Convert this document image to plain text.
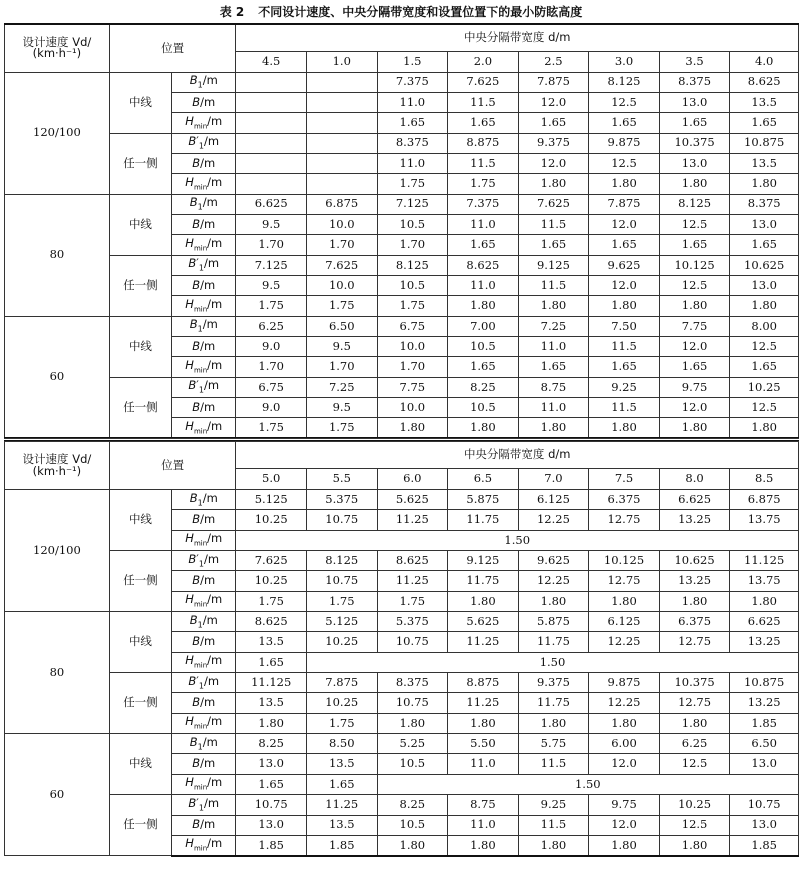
表 2 不同设计速度、中央分隔带宽度和设置位置下的最小防眩高度
设计速度 Vd/
(km·h⁻¹)	位置		中央分隔带宽度 d/m							
			4.5	1.0	1.5	2.0	2.5	3.0	3.5	4.0
120/100	中线	$B_1/m$			7.375	7.625	7.875	8.125	8.375	8.625
		B/m			11.0	11.5	12.0	12.5	13.0	13.5
		$H_{min}/m$			1.65	1.65	1.65	1.65	1.65	1.65
	任一侧	$B'_1/m$			8.375	8.875	9.375	9.875	10.375	10.875
		B/m			11.0	11.5	12.0	12.5	13.0	13.5
		$H_{min}/m$			1.75	1.75	1.80	1.80	1.80	1.80
80	中线	$B_1/m$	6.625	6.875	7.125	7.375	7.625	7.875	8.125	8.375
		B/m	9.5	10.0	10.5	11.0	11.5	12.0	12.5	13.0
		$H_{min}/m$	1.70	1.70	1.70	1.65	1.65	1.65	1.65	1.65
	任一侧	$B'_1/m$	7.125	7.625	8.125	8.625	9.125	9.625	10.125	10.625
		B/m	9.5	10.0	10.5	11.0	11.5	12.0	12.5	13.0
		$H_{min}/m$	1.75	1.75	1.75	1.80	1.80	1.80	1.80	1.80
60	中线	$B_1/m$	6.25	6.50	6.75	7.00	7.25	7.50	7.75	8.00
		B/m	9.0	9.5	10.0	10.5	11.0	11.5	12.0	12.5
		$H_{min}/m$	1.70	1.70	1.70	1.65	1.65	1.65	1.65	1.65
	任一侧	$B'_1/m$	6.75	7.25	7.75	8.25	8.75	9.25	9.75	10.25
		B/m	9.0	9.5	10.0	10.5	11.0	11.5	12.0	12.5
		$H_{min}/m$	1.75	1.75	1.80	1.80	1.80	1.80	1.80	1.80
设计速度 Vd/
(km·h⁻¹)	位置		中央分隔带宽度 d/m							
			5.0	5.5	6.0	6.5	7.0	7.5	8.0	8.5
120/100	中线	$B_1/m$	5.125	5.375	5.625	5.875	6.125	6.375	6.625	6.875
		B/m	10.25	10.75	11.25	11.75	12.25	12.75	13.25	13.75
		$H_{min}/m$	1.50							
	任一侧	$B'_1/m$	7.625	8.125	8.625	9.125	9.625	10.125	10.625	11.125
		B/m	10.25	10.75	11.25	11.75	12.25	12.75	13.25	13.75
		$H_{min}/m$	1.75	1.75	1.75	1.80	1.80	1.80	1.80	1.80
80	中线	$B_1/m$	8.625	5.125	5.375	5.625	5.875	6.125	6.375	6.625
		B/m	13.5	10.25	10.75	11.25	11.75	12.25	12.75	13.25
		$H_{min}/m$	1.65	1.50						
	任一侧	$B'_1/m$	11.125	7.875	8.375	8.875	9.375	9.875	10.375	10.875
		B/m	13.5	10.25	10.75	11.25	11.75	12.25	12.75	13.25
		$H_{min}/m$	1.80	1.75	1.80	1.80	1.80	1.80	1.80	1.85
60	中线	$B_1/m$	8.25	8.50	5.25	5.50	5.75	6.00	6.25	6.50
		B/m	13.0	13.5	10.5	11.0	11.5	12.0	12.5	13.0
		$H_{min}/m$	1.65	1.65	1.50					
	任一侧	$B'_1/m$	10.75	11.25	8.25	8.75	9.25	9.75	10.25	10.75
		B/m	13.0	13.5	10.5	11.0	11.5	12.0	12.5	13.0
		$H_{min}/m$	1.85	1.85	1.80	1.80	1.80	1.80	1.80	1.85
